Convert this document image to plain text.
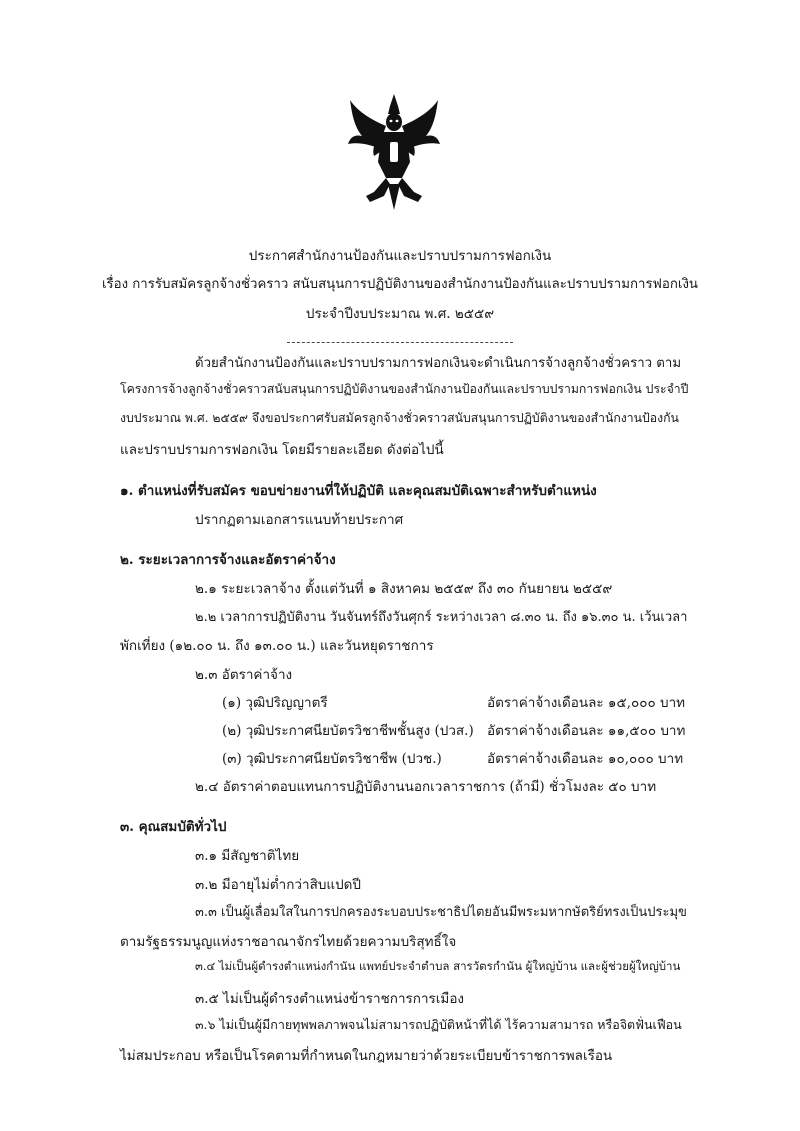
ประกาศสำนักงานป้องกันและปราบปรามการฟอกเงิน
เรื่อง การรับสมัครลูกจ้างชั่วคราว สนับสนุนการปฏิบัติงานของสำนักงานป้องกันและปราบปรามการฟอกเงิน
ประจำปีงบประมาณ พ.ศ. ๒๕๕๙
ด้วยสำนักงานป้องกันและปราบปรามการฟอกเงินจะดำเนินการจ้างลูกจ้างชั่วคราว ตาม
โครงการจ้างลูกจ้างชั่วคราวสนับสนุนการปฏิบัติงานของสำนักงานป้องกันและปราบปรามการฟอกเงิน ประจำปี
งบประมาณ พ.ศ. ๒๕๕๙ จึงขอประกาศรับสมัครลูกจ้างชั่วคราวสนับสนุนการปฏิบัติงานของสำนักงานป้องกัน
และปราบปรามการฟอกเงิน โดยมีรายละเอียด ดังต่อไปนี้
๑. ตำแหน่งที่รับสมัคร ขอบข่ายงานที่ให้ปฏิบัติ และคุณสมบัติเฉพาะสำหรับตำแหน่ง
ปรากฏตามเอกสารแนบท้ายประกาศ
๒. ระยะเวลาการจ้างและอัตราค่าจ้าง
๒.๑ ระยะเวลาจ้าง ตั้งแต่วันที่ ๑ สิงหาคม ๒๕๕๙ ถึง ๓๐ กันยายน ๒๕๕๙
๒.๒ เวลาการปฏิบัติงาน วันจันทร์ถึงวันศุกร์ ระหว่างเวลา ๘.๓๐ น. ถึง ๑๖.๓๐ น. เว้นเวลา
พักเที่ยง (๑๒.๐๐ น. ถึง ๑๓.๐๐ น.) และวันหยุดราชการ
๒.๓ อัตราค่าจ้าง
(๑) วุฒิปริญญาตรี	อัตราค่าจ้างเดือนละ ๑๕,๐๐๐ บาท
(๒) วุฒิประกาศนียบัตรวิชาชีพชั้นสูง (ปวส.) อัตราค่าจ้างเดือนละ ๑๑,๕๐๐ บาท
(๓) วุฒิประกาศนียบัตรวิชาชีพ (ปวช.)	อัตราค่าจ้างเดือนละ ๑๐,๐๐๐ บาท
๒.๔ อัตราค่าตอบแทนการปฏิบัติงานนอกเวลาราชการ (ถ้ามี) ชั่วโมงละ ๕๐ บาท
๓. คุณสมบัติทั่วไป
๓.๑ มีสัญชาติไทย
๓.๒ มีอายุไม่ต่ำกว่าสิบแปดปี
๓.๓ เป็นผู้เลื่อมใสในการปกครองระบอบประชาธิปไตยอันมีพระมหากษัตริย์ทรงเป็นประมุข
ตามรัฐธรรมนูญแห่งราชอาณาจักรไทยด้วยความบริสุทธิ์ใจ
๓.๔ ไม่เป็นผู้ดำรงตำแหน่งกำนัน แพทย์ประจำตำบล สารวัตรกำนัน ผู้ใหญ่บ้าน และผู้ช่วยผู้ใหญ่บ้าน
๓.๕ ไม่เป็นผู้ดำรงตำแหน่งข้าราชการการเมือง
๓.๖ ไม่เป็นผู้มีกายทุพพลภาพจนไม่สามารถปฏิบัติหน้าที่ได้ ไร้ความสามารถ หรือจิตฟั่นเฟือน
ไม่สมประกอบ หรือเป็นโรคตามที่กำหนดในกฎหมายว่าด้วยระเบียบข้าราชการพลเรือน
